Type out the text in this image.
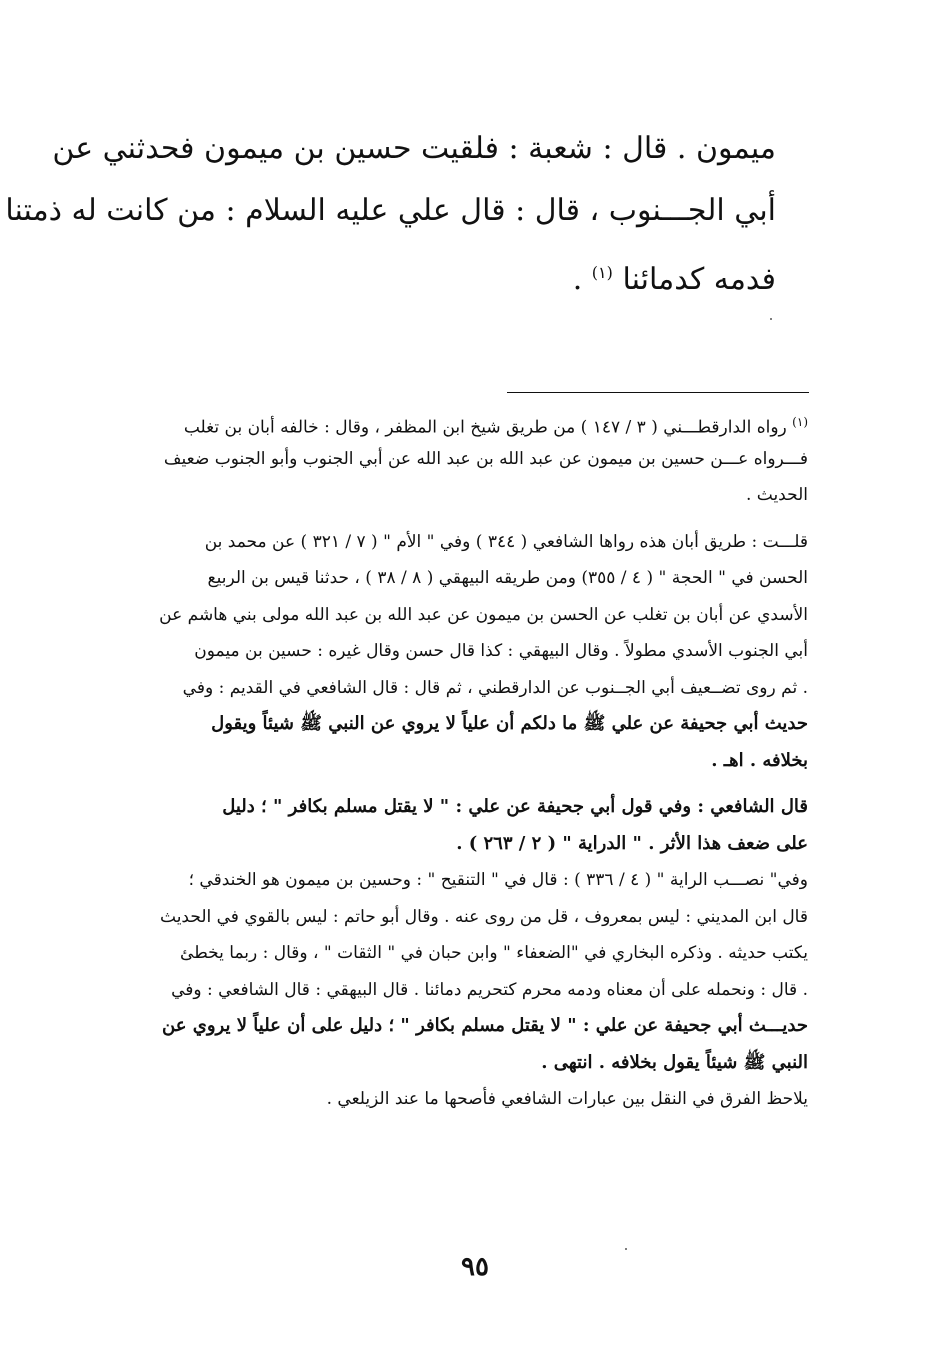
ميمون . قال : شعبة : فلقيت حسين بن ميمون فحدثني عن
أبي الجـــنوب ، قال : قال علي عليه السلام : من كانت له ذمتنا
فدمه كدمائنا $^{(١)}$ .
$^{(١)}$ رواه الدارقطـــني ( ٣ / ١٤٧ ) من طريق شيخ ابن المظفر ، وقال : خالفه أبان بن تغلب
فـــرواه عـــن حسين بن ميمون عن عبد الله بن عبد الله عن أبي الجنوب وأبو الجنوب ضعيف
الحديث .
قلـــت : طريق أبان هذه رواها الشافعي ( ٣٤٤ ) وفي " الأم " ( ٧ / ٣٢١ ) عن محمد بن
الحسن في " الحجة " ( ٤ / ٣٥٥) ومن طريقه البيهقي ( ٨ / ٣٨ ) ، حدثنا قيس بن الربيع
الأسدي عن أبان بن تغلب عن الحسن بن ميمون عن عبد الله بن عبد الله مولى بني هاشم عن
أبي الجنوب الأسدي مطولاً . وقال البيهقي : كذا قال حسن وقال غيره : حسين بن ميمون
. ثم روى تضــعيف أبي الجــنوب عن الدارقطني ، ثم قال : قال الشافعي في القديم : وفي
حديث أبي جحيفة عن علي ﷺ ما دلكم أن علياً لا يروي عن النبي ﷺ شيئاً ويقول
بخلافه . اهـ .
قال الشافعي : وفي قول أبي جحيفة عن علي : " لا يقتل مسلم بكافر " ؛ دليل
على ضعف هذا الأثر . " الدراية " ( ٢ / ٢٦٣ ) .
وفي" نصـــب الراية " ( ٤ / ٣٣٦ ) : قال في " التنقيح " : وحسين بن ميمون هو الخندقي ؛
قال ابن المديني : ليس بمعروف ، قل من روى عنه . وقال أبو حاتم : ليس بالقوي في الحديث
يكتب حديثه . وذكره البخاري في "الضعفاء " وابن حبان في " الثقات " ، وقال : ربما يخطئ
. قال : ونحمله على أن معناه ودمه محرم كتحريم دمائنا . قال البيهقي : قال الشافعي : وفي
حديـــث أبي جحيفة عن علي : " لا يقتل مسلم بكافر " ؛ دليل على أن علياً لا يروي عن
النبي ﷺ شيئاً يقول بخلافه . انتهى .
يلاحظ الفرق في النقل بين عبارات الشافعي فأصحها ما عند الزيلعي .
٩٥
